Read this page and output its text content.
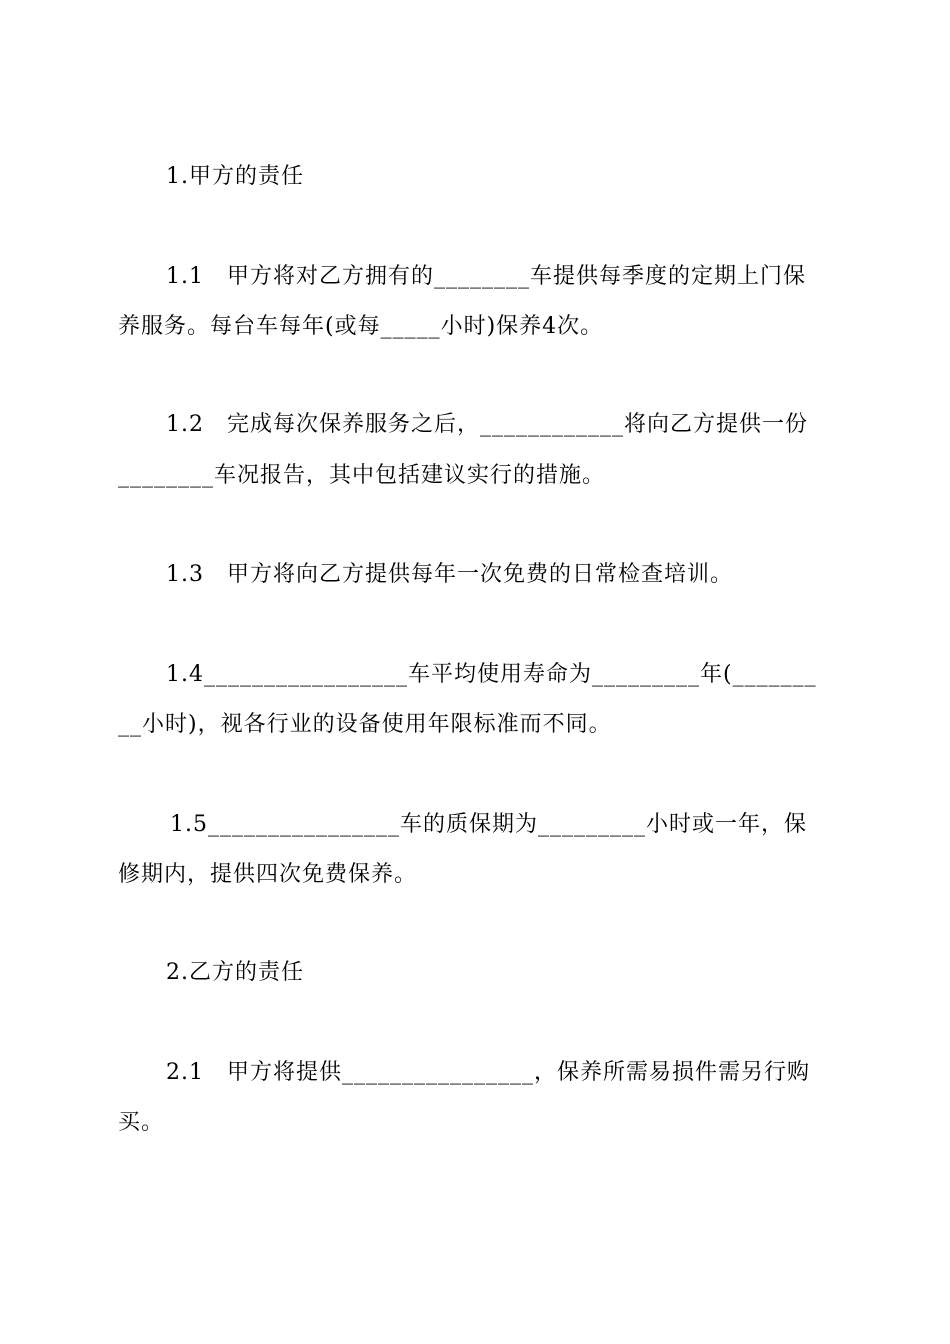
1.甲方的责任
1.1　甲方将对乙方拥有的________车提供每季度的定期上门保
养服务。每台车每年(或每_____小时)保养4次。
1.2　完成每次保养服务之后，____________将向乙方提供一份
________车况报告，其中包括建议实行的措施。
1.3　甲方将向乙方提供每年一次免费的日常检查培训。
1.4_________________车平均使用寿命为_________年(_______
__小时)，视各行业的设备使用年限标准而不同。
1.5________________车的质保期为_________小时或一年，保
修期内，提供四次免费保养。
2.乙方的责任
2.1　甲方将提供________________，保养所需易损件需另行购
买。
